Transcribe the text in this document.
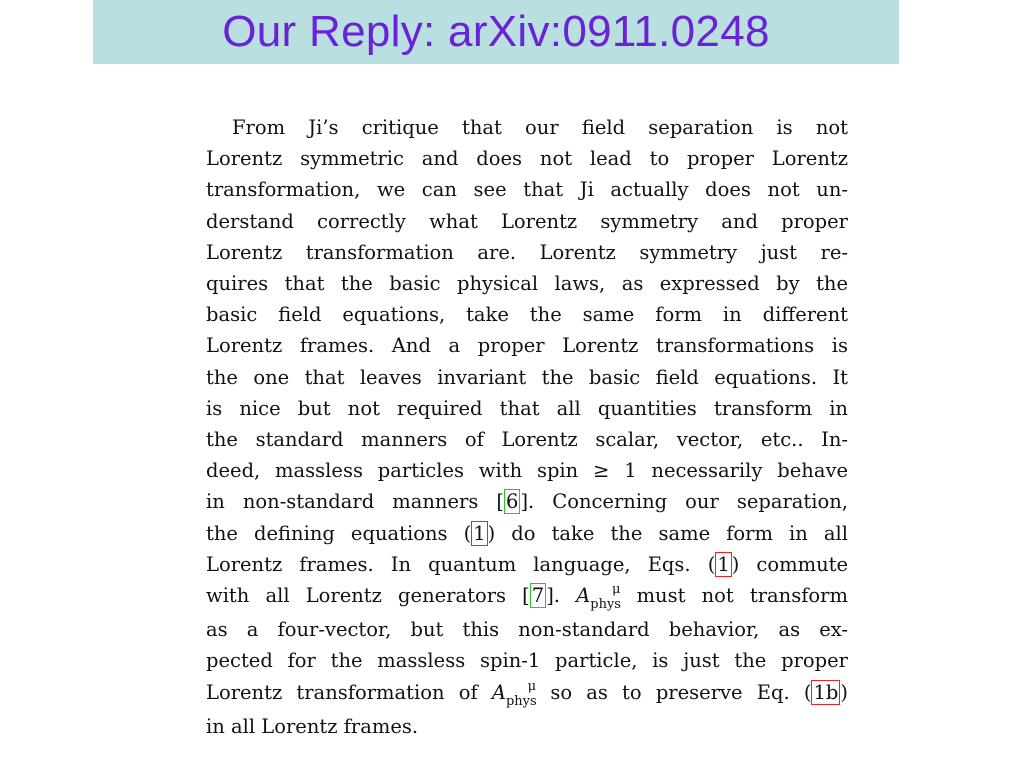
Our Reply: arXiv:0911.0248
From Ji’s critique that our field separation is not
Lorentz symmetric and does not lead to proper Lorentz
transformation, we can see that Ji actually does not un-
derstand correctly what Lorentz symmetry and proper
Lorentz transformation are. Lorentz symmetry just re-
quires that the basic physical laws, as expressed by the
basic field equations, take the same form in different
Lorentz frames. And a proper Lorentz transformations is
the one that leaves invariant the basic field equations. It
is nice but not required that all quantities transform in
the standard manners of Lorentz scalar, vector, etc.. In-
deed, massless particles with spin ≥ 1 necessarily behave
in non-standard manners [ 6 ]. Concerning our separation,
the defining equations ( 1 ) do take the same form in all
Lorentz frames. In quantum language, Eqs. ( 1 ) commute
with all Lorentz generators [ 7 ]. $A_{phys}^\mu$ must not transform
as a four-vector, but this non-standard behavior, as ex-
pected for the massless spin-1 particle, is just the proper
Lorentz transformation of $A_{phys}^\mu$ so as to preserve Eq. ( 1b )
in all Lorentz frames.
